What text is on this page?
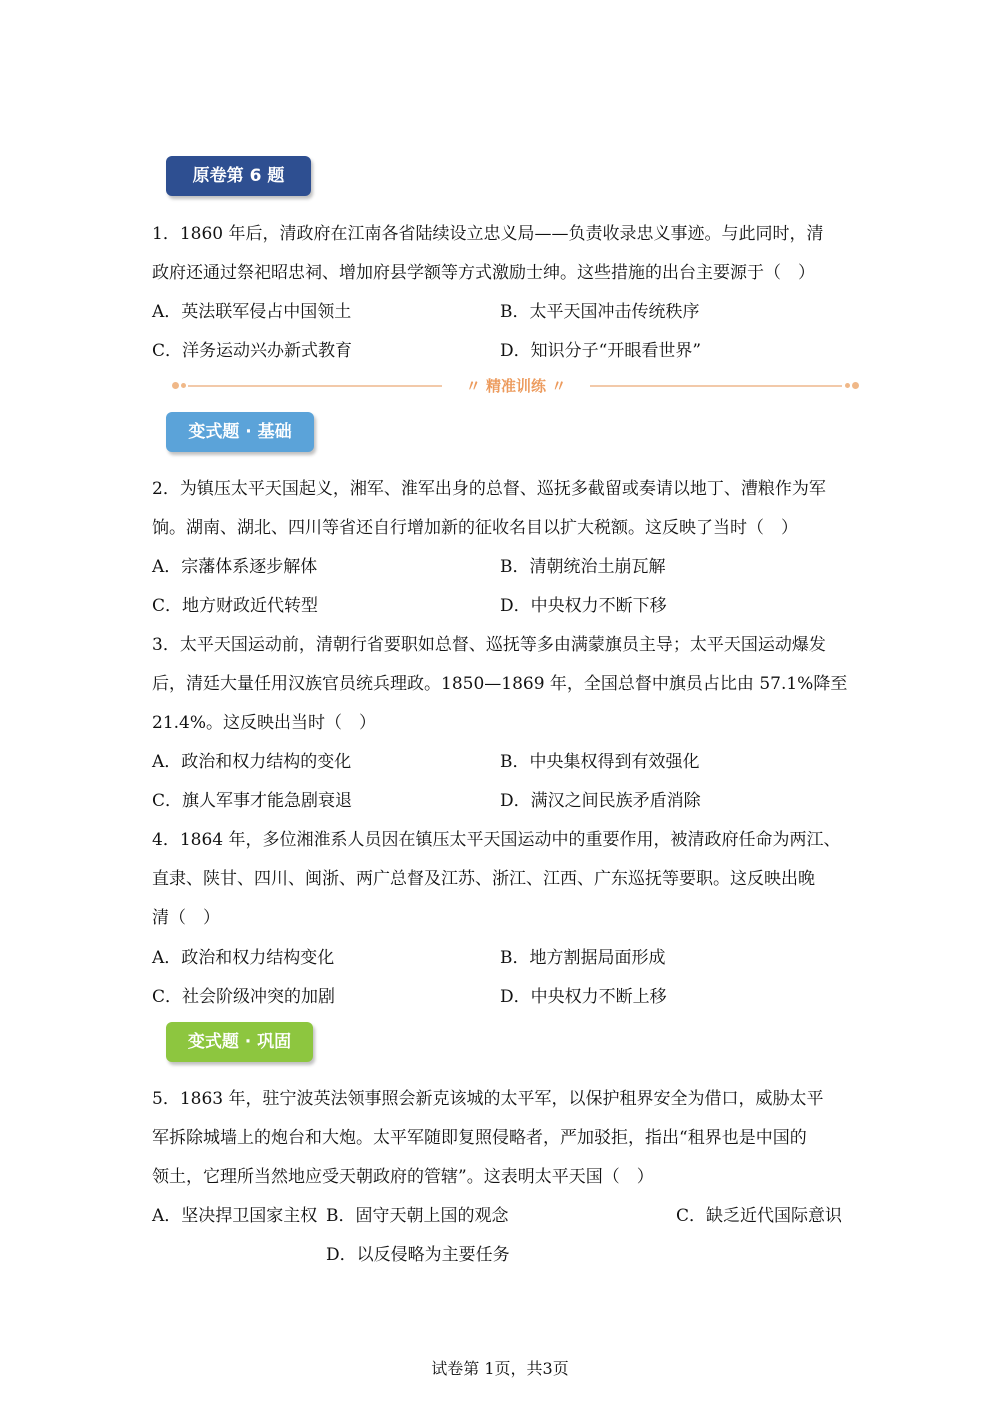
原卷第 6 题
1．1860 年后，清政府在江南各省陆续设立忠义局——负责收录忠义事迹。与此同时，清
政府还通过祭祀昭忠祠、增加府县学额等方式激励士绅。这些措施的出台主要源于（　）
A．英法联军侵占中国领土	B．太平天国冲击传统秩序
C．洋务运动兴办新式教育	D．知识分子“开眼看世界”
〃 精准训练 〃
变式题 · 基础
2．为镇压太平天国起义，湘军、淮军出身的总督、巡抚多截留或奏请以地丁、漕粮作为军
饷。湖南、湖北、四川等省还自行增加新的征收名目以扩大税额。这反映了当时（　）
A．宗藩体系逐步解体	B．清朝统治土崩瓦解
C．地方财政近代转型	D．中央权力不断下移
3．太平天国运动前，清朝行省要职如总督、巡抚等多由满蒙旗员主导；太平天国运动爆发
后，清廷大量任用汉族官员统兵理政。1850—1869 年，全国总督中旗员占比由 57.1%降至
21.4%。这反映出当时（　）
A．政治和权力结构的变化	B．中央集权得到有效强化
C．旗人军事才能急剧衰退	D．满汉之间民族矛盾消除
4．1864 年，多位湘淮系人员因在镇压太平天国运动中的重要作用，被清政府任命为两江、
直隶、陕甘、四川、闽浙、两广总督及江苏、浙江、江西、广东巡抚等要职。这反映出晚
清（　）
A．政治和权力结构变化	B．地方割据局面形成
C．社会阶级冲突的加剧	D．中央权力不断上移
变式题 · 巩固
5．1863 年，驻宁波英法领事照会新克该城的太平军，以保护租界安全为借口，威胁太平
军拆除城墙上的炮台和大炮。太平军随即复照侵略者，严加驳拒，指出“租界也是中国的
领土，它理所当然地应受天朝政府的管辖”。这表明太平天国（　）
A．坚决捍卫国家主权 B．固守天朝上国的观念	C．缺乏近代国际意识
D．以反侵略为主要任务
试卷第 1页，共3页
